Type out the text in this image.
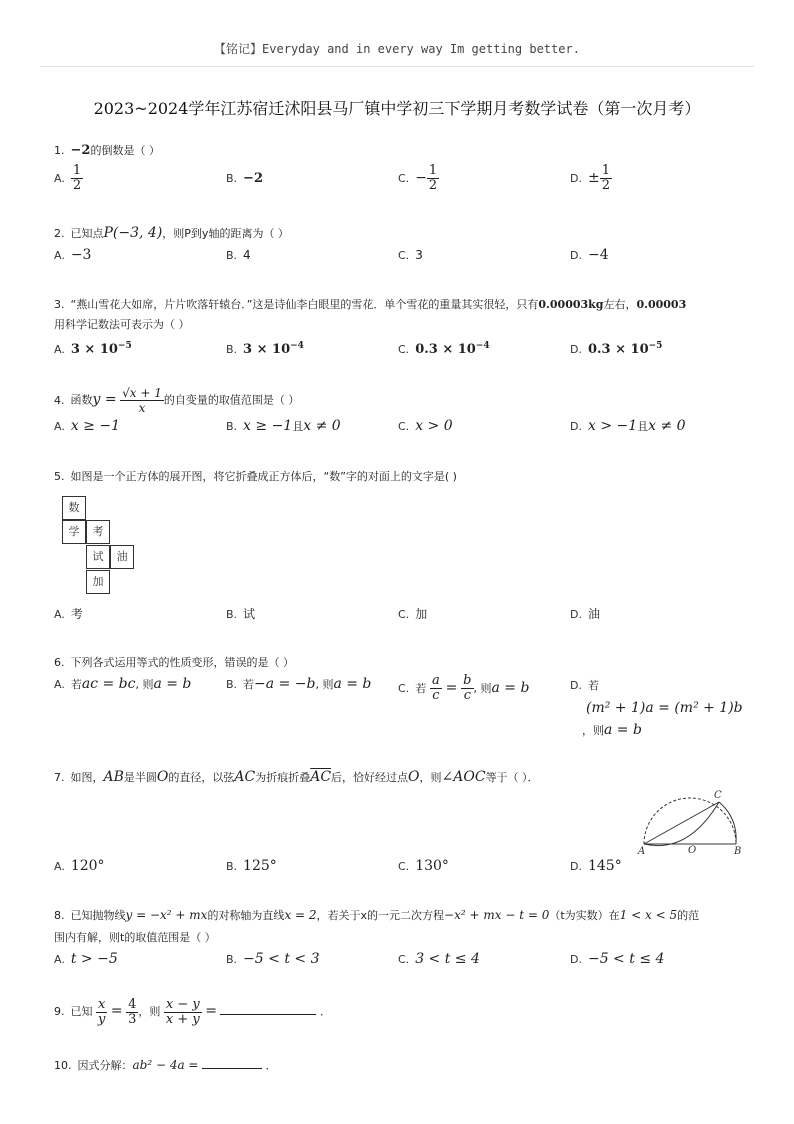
【铭记】Everyday and in every way Im getting better.
2023~2024学年江苏宿迁沭阳县马厂镇中学初三下学期月考数学试卷（第一次月考）
1. −2的倒数是（ ）
A. $\frac{1}{2}$	B. −2	C. − $\frac{1}{2}$	D. ± $\frac{1}{2}$
2. 已知点P(−3, 4)，则P到y轴的距离为（ ）
A. −3	B. 4	C. 3	D. −4
3. “燕山雪花大如席，片片吹落轩辕台．”这是诗仙李白眼里的雪花．单个雪花的重量其实很轻，只有0.00003kg左右，0.00003
用科学记数法可表示为（ ）
A. $3 \times 10^{-5}$	B. $3 \times 10^{-4}$	C. $0.3 \times 10^{-4}$	D. $0.3 \times 10^{-5}$
4. 函数$y = \frac{√x + 1}{x}$ 的自变量的取值范围是（ ）
A. x ≥ −1	B. x ≥ −1且x ≠ 0	C. x > 0	D. x > −1且x ≠ 0
5. 如图是一个正方体的展开图，将它折叠成正方体后，“数”字的对面上的文字是( )
数
学	考
试	油
加
A. 考	B. 试	C. 加	D. 油
6. 下列各式运用等式的性质变形，错误的是（ ）
A. 若ac = bc, 则a = b	B. 若−a = −b, 则a = b C. 若 $\frac{a}{c} = \frac{b}{c}$ , 则a = b	D. 若
(m² + 1)a = (m² + 1)b
，则a = b
7. 如图，AB是半圆O的直径，以弦AC为折痕折叠$\overline{AC}$后，恰好经过点O，则∠AOC等于（ ）．
A	O	B
C
A. 120°	B. 125°	C. 130°	D. 145°
8. 已知抛物线y = −x² + mx的对称轴为直线x = 2，若关于x的一元二次方程−x² + mx − t = 0（t为实数）在1 < x < 5的范
围内有解，则t的取值范围是（ ）
A. t > −5	B. −5 < t < 3	C. 3 < t ≤ 4	D. −5 < t ≤ 4
9. 已知 $\frac{x}{y} = \frac{4}{3}$ ，则 $\frac{x - y}{x + y}$ =	．
10. 因式分解：ab² − 4a =	．
